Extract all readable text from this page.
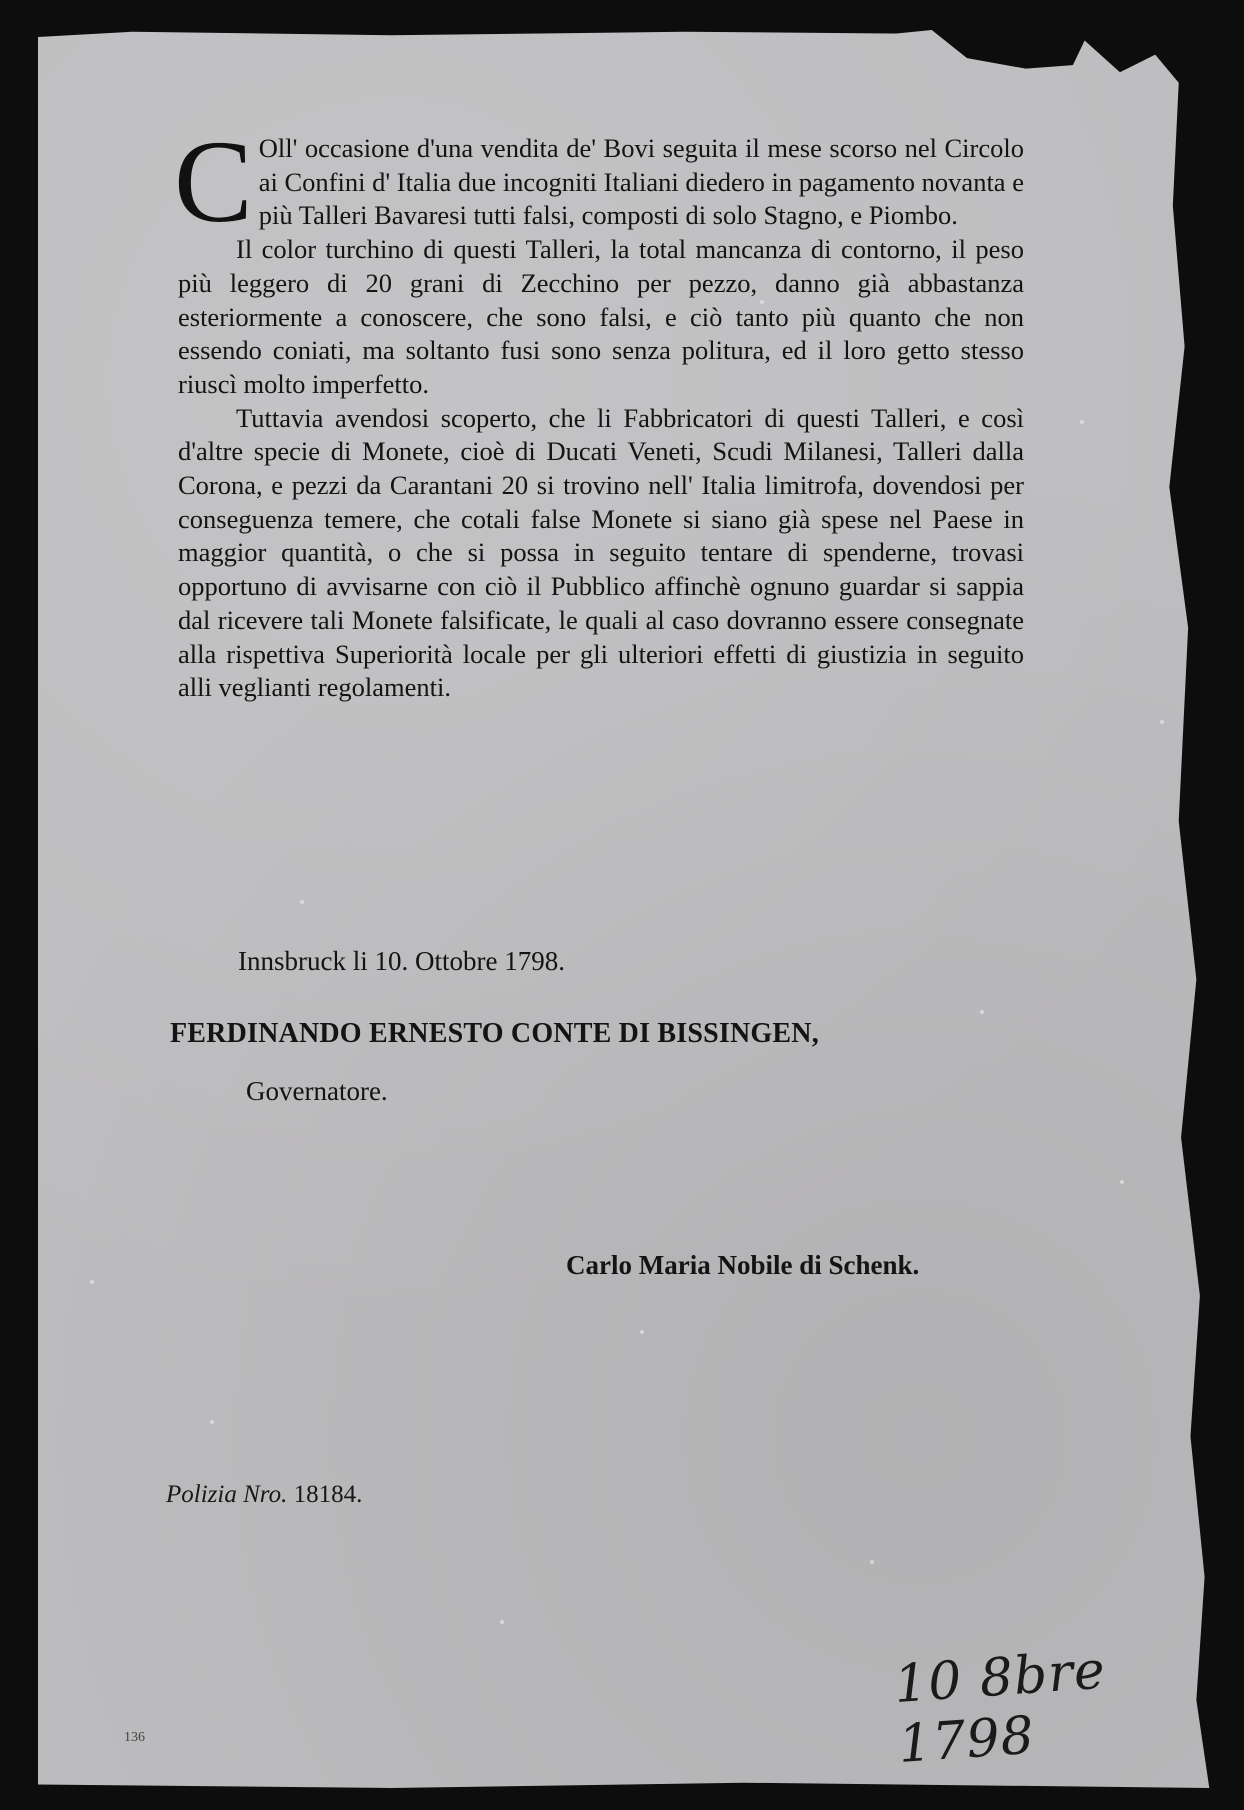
C Oll' occasione d'una vendita de' Bovi seguita il mese scorso nel Circolo ai Confini d' Italia due incogniti Italiani diedero in pagamento novanta e più Talleri Bavaresi tutti falsi, composti di solo Stagno, e Piombo.

Il color turchino di questi Talleri, la total mancanza di contorno, il peso più leggero di 20 grani di Zecchino per pezzo, danno già abbastanza esteriormente a conoscere, che sono falsi, e ciò tanto più quanto che non essendo coniati, ma soltanto fusi sono senza politura, ed il loro getto stesso riuscì molto imperfetto.

Tuttavia avendosi scoperto, che li Fabbricatori di questi Talleri, e così d'altre specie di Monete, cioè di Ducati Veneti, Scudi Milanesi, Talleri dalla Corona, e pezzi da Carantani 20 si trovino nell' Italia limitrofa, dovendosi per conseguenza temere, che cotali false Monete si siano già spese nel Paese in maggior quantità, o che si possa in seguito tentare di spenderne, trovasi opportuno di avvisarne con ciò il Pubblico affinchè ognuno guardar si sappia dal ricevere tali Monete falsificate, le quali al caso dovranno essere consegnate alla rispettiva Superiorità locale per gli ulteriori effetti di giustizia in seguito alli veglianti regolamenti.

Innsbruck li 10. Ottobre 1798.
FERDINANDO ERNESTO CONTE DI BISSINGEN,
Governatore.
Carlo Maria Nobile di Schenk.
Polizia Nro. 18184.
10 8bre 1798
136
